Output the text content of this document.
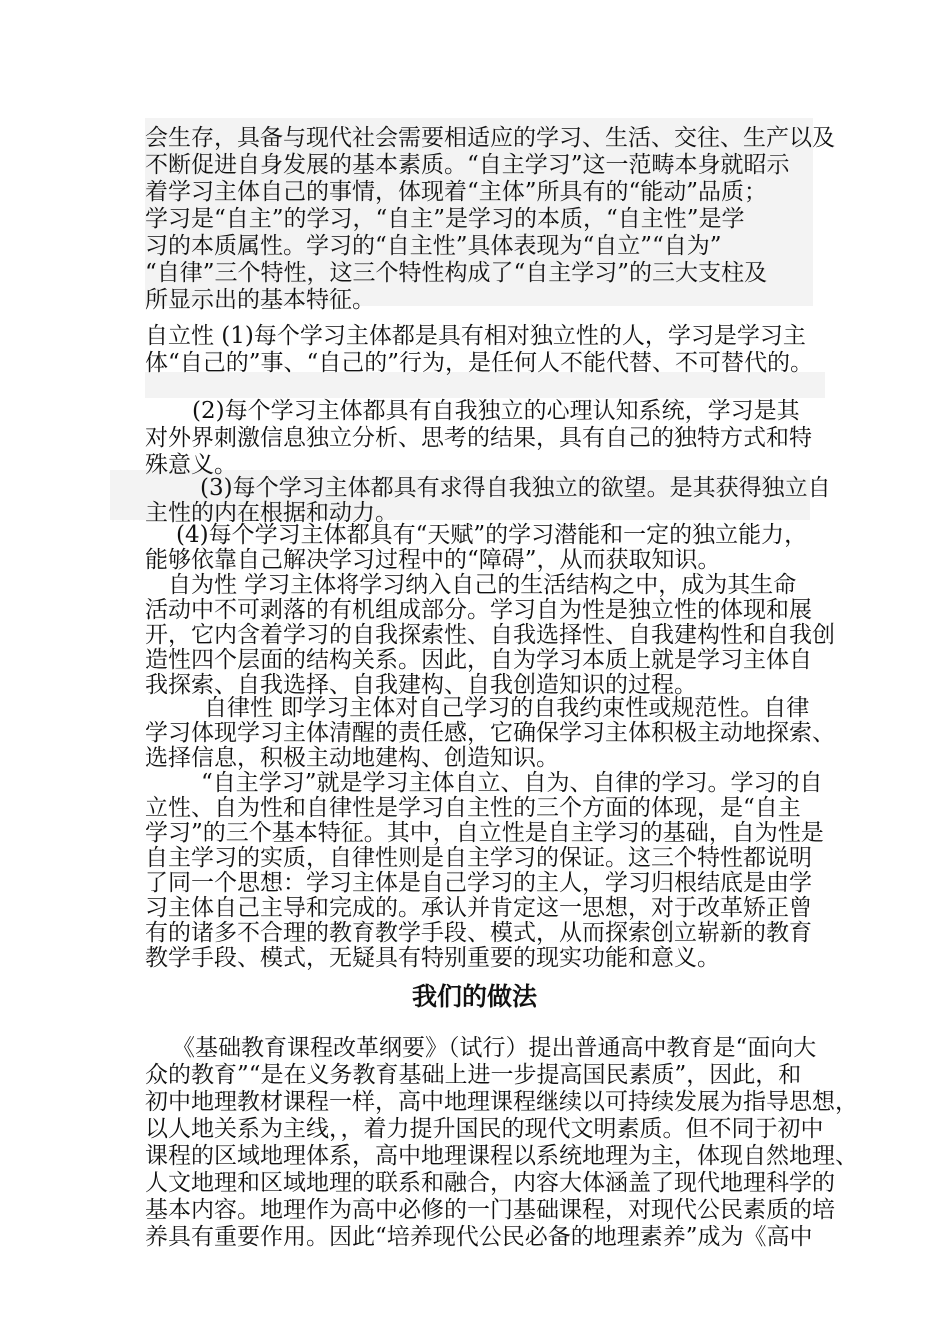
会生存，具备与现代社会需要相适应的学习、生活、交往、生产以及
不断促进自身发展的基本素质。“自主学习”这一范畴本身就昭示
着学习主体自己的事情，体现着“主体”所具有的“能动”品质；
学习是“自主”的学习，“自主”是学习的本质，“自主性”是学
习的本质属性。学习的“自主性”具体表现为“自立”“自为”
“自律”三个特性，这三个特性构成了“自主学习”的三大支柱及
所显示出的基本特征。
自立性 (1)每个学习主体都是具有相对独立性的人，学习是学习主
体“自己的”事、“自己的”行为，是任何人不能代替、不可替代的。
(2)每个学习主体都具有自我独立的心理认知系统，学习是其
对外界刺激信息独立分析、思考的结果，具有自己的独特方式和特
殊意义。
(3)每个学习主体都具有求得自我独立的欲望。是其获得独立自
主性的内在根据和动力。
(4)每个学习主体都具有“天赋”的学习潜能和一定的独立能力，
能够依靠自己解决学习过程中的“障碍”，从而获取知识。
自为性 学习主体将学习纳入自己的生活结构之中，成为其生命
活动中不可剥落的有机组成部分。学习自为性是独立性的体现和展
开，它内含着学习的自我探索性、自我选择性、自我建构性和自我创
造性四个层面的结构关系。因此，自为学习本质上就是学习主体自
我探索、自我选择、自我建构、自我创造知识的过程。
自律性 即学习主体对自己学习的自我约束性或规范性。自律
学习体现学习主体清醒的责任感，它确保学习主体积极主动地探索、
选择信息，积极主动地建构、创造知识。
“自主学习”就是学习主体自立、自为、自律的学习。学习的自
立性、自为性和自律性是学习自主性的三个方面的体现，是“自主
学习”的三个基本特征。其中，自立性是自主学习的基础，自为性是
自主学习的实质，自律性则是自主学习的保证。这三个特性都说明
了同一个思想：学习主体是自己学习的主人，学习归根结底是由学
习主体自己主导和完成的。承认并肯定这一思想，对于改革矫正曾
有的诸多不合理的教育教学手段、模式，从而探索创立崭新的教育
教学手段、模式，无疑具有特别重要的现实功能和意义。
我们的做法
《基础教育课程改革纲要》（试行）提出普通高中教育是“面向大
众的教育”“是在义务教育基础上进一步提高国民素质”，因此，和
初中地理教材课程一样，高中地理课程继续以可持续发展为指导思想，
以人地关系为主线，，着力提升国民的现代文明素质。但不同于初中
课程的区域地理体系，高中地理课程以系统地理为主，体现自然地理、
人文地理和区域地理的联系和融合，内容大体涵盖了现代地理科学的
基本内容。地理作为高中必修的一门基础课程，对现代公民素质的培
养具有重要作用。因此“培养现代公民必备的地理素养”成为《高中
